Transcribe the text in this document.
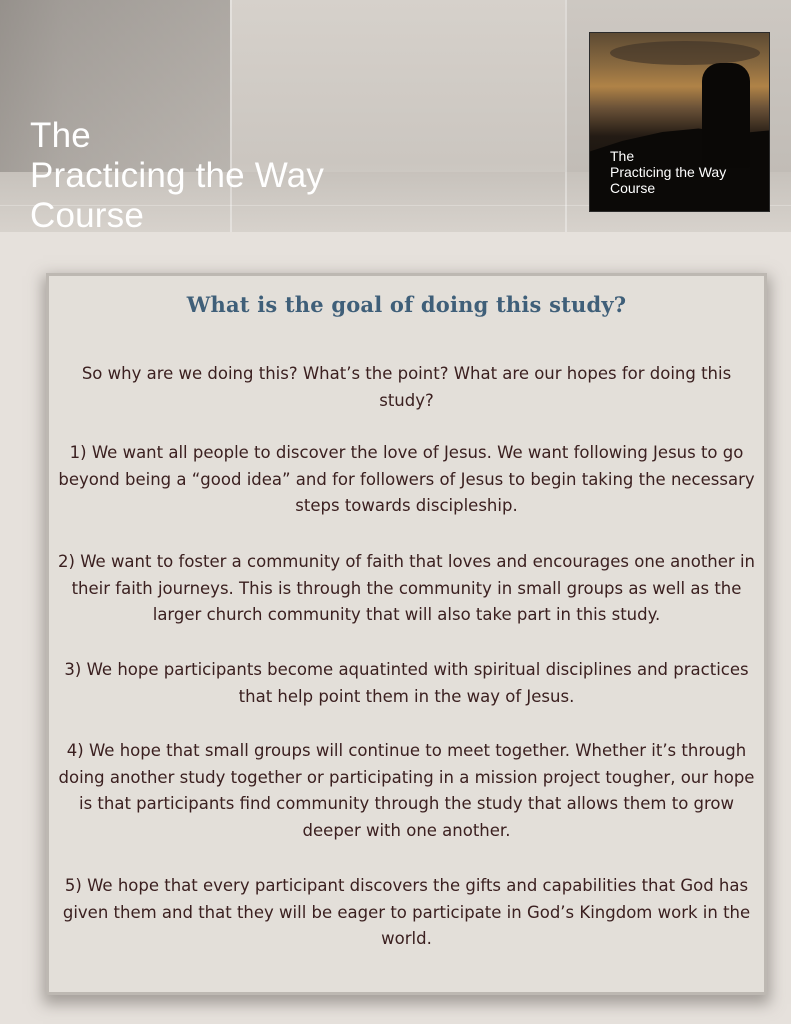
The
Practicing the Way
Course
The
Practicing the Way
Course
What is the goal of doing this study?

So why are we doing this? What’s the point? What are our hopes for doing this study?

1) We want all people to discover the love of Jesus. We want following Jesus to go beyond being a “good idea” and for followers of Jesus to begin taking the necessary steps towards discipleship.

2) We want to foster a community of faith that loves and encourages one another in their faith journeys. This is through the community in small groups as well as the larger church community that will also take part in this study.

3) We hope participants become aquatinted with spiritual disciplines and practices that help point them in the way of Jesus.

4) We hope that small groups will continue to meet together. Whether it’s through doing another study together or participating in a mission project tougher, our hope is that participants find community through the study that allows them to grow deeper with one another.

5) We hope that every participant discovers the gifts and capabilities that God has given them and that they will be eager to participate in God’s Kingdom work in the world.
